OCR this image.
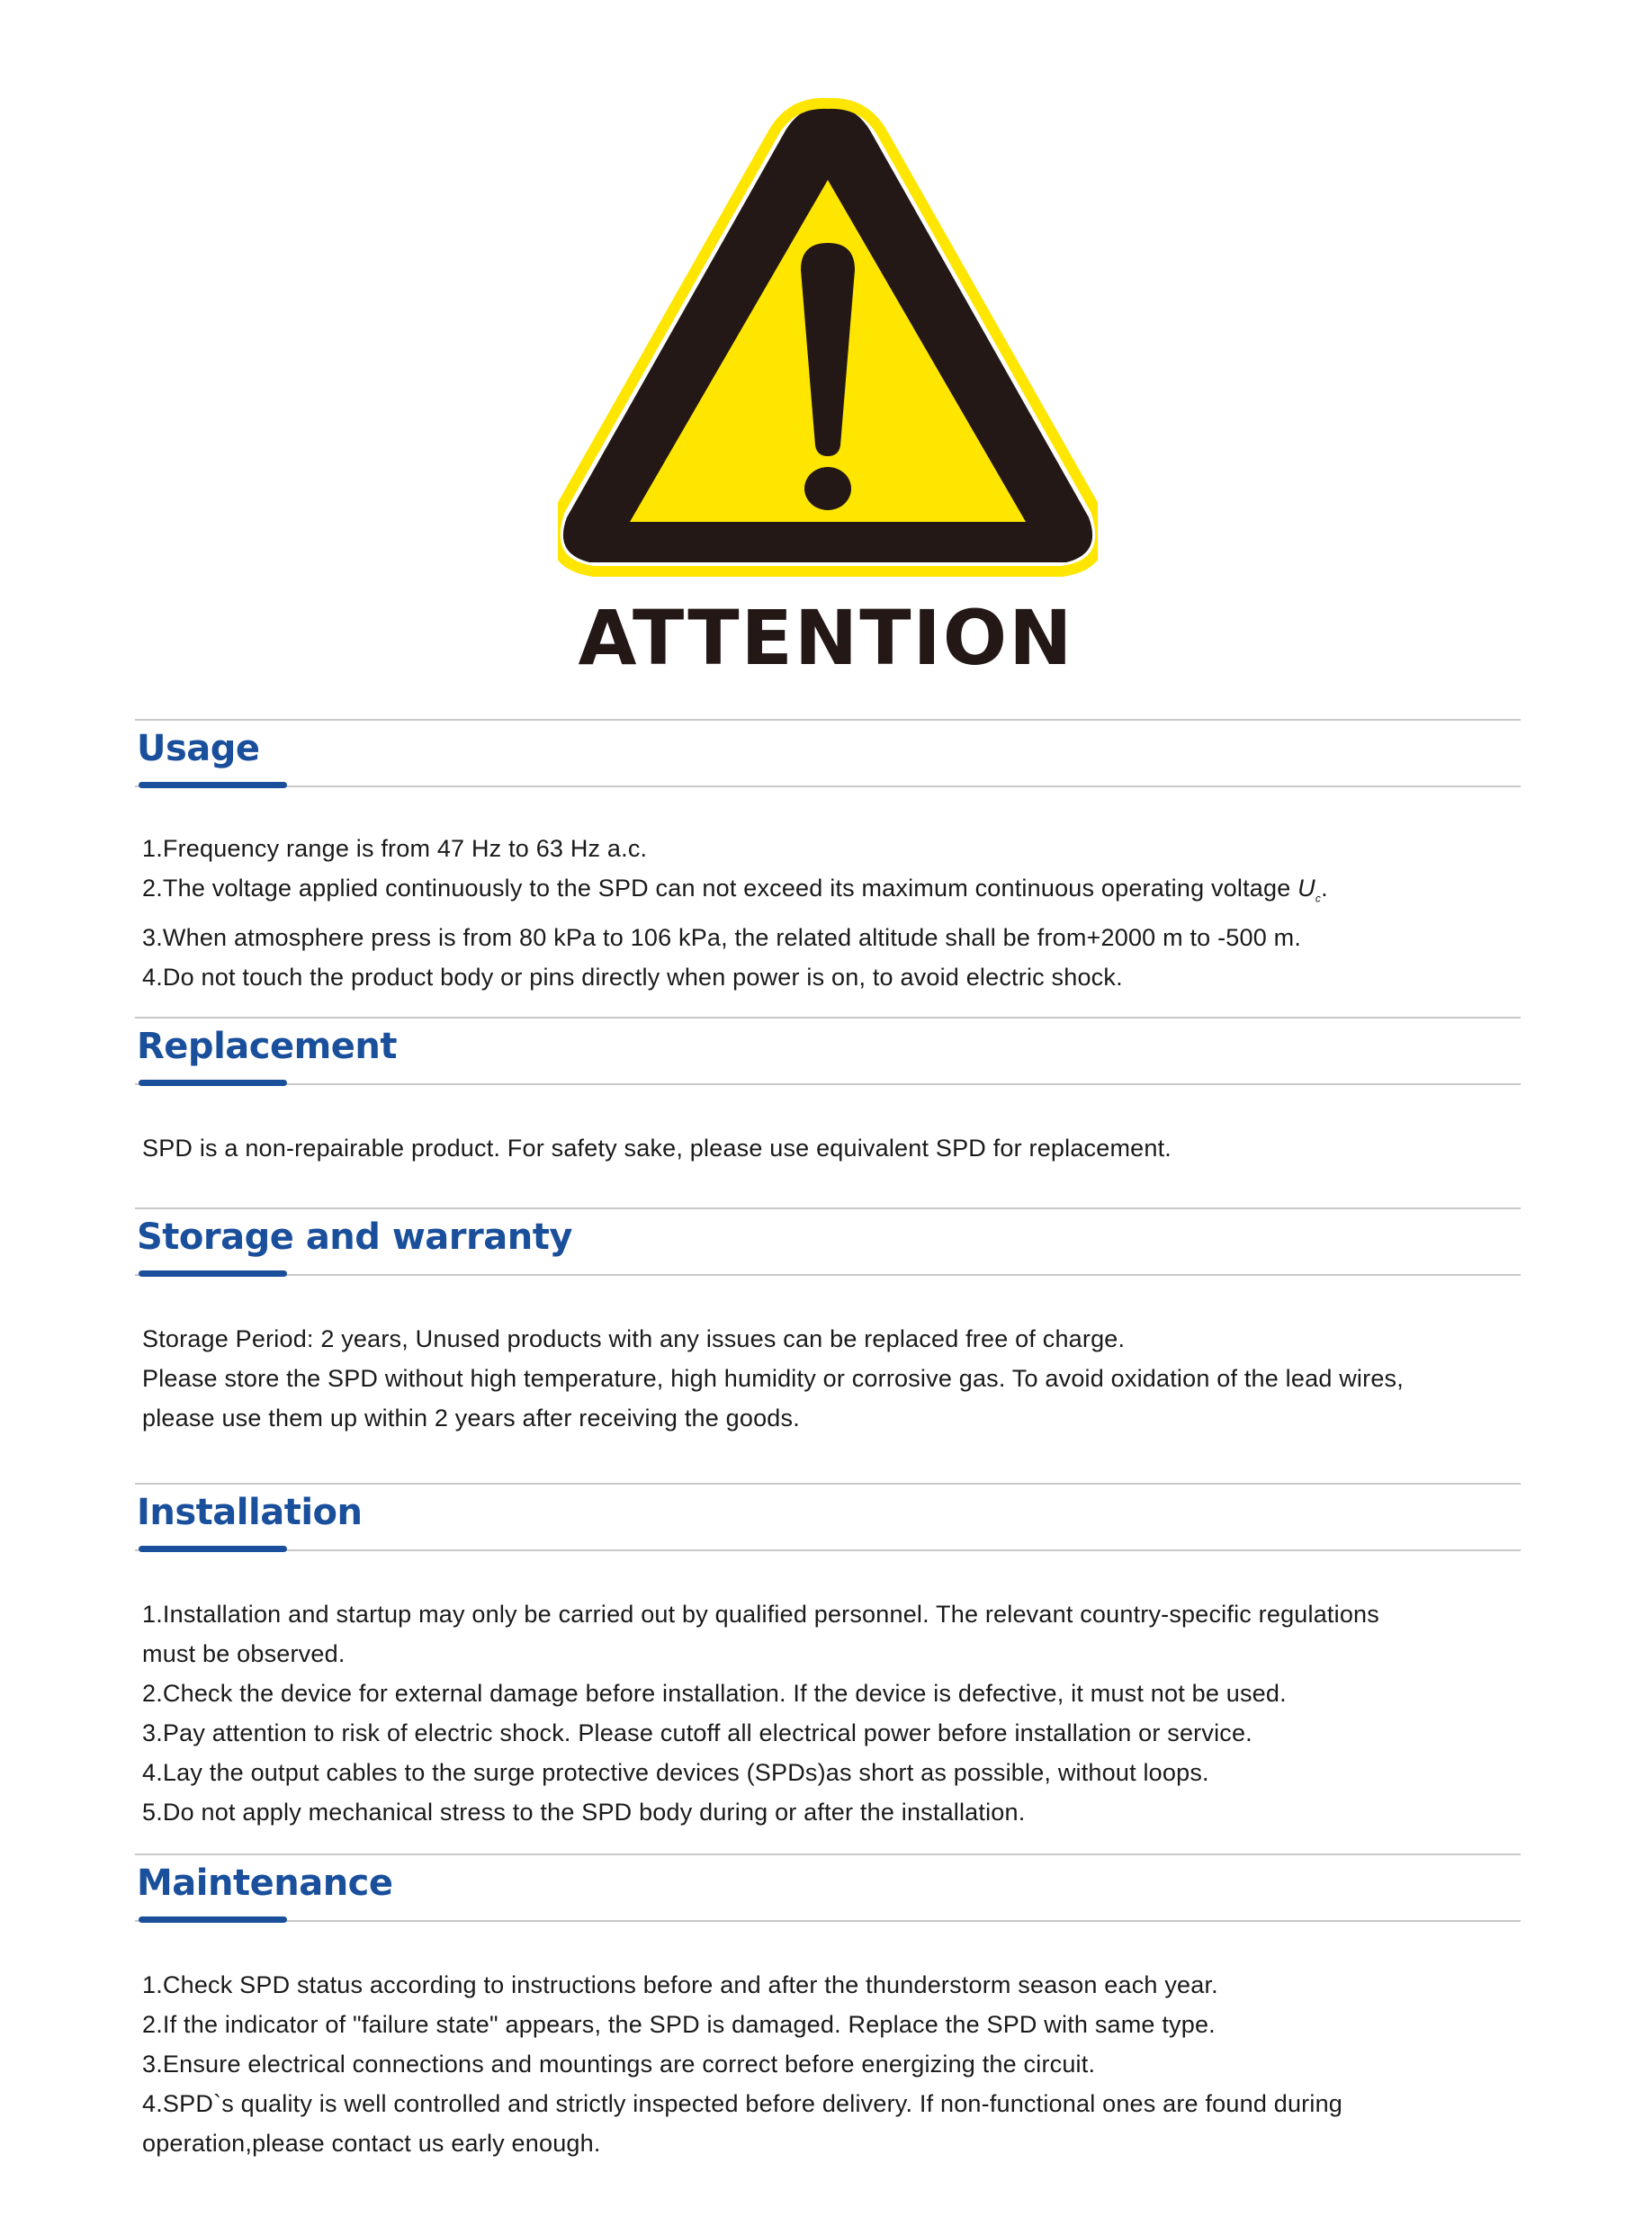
ATTENTION
Usage

1.Frequency range is from 47 Hz to 63 Hz a.c.

2.The voltage applied continuously to the SPD can not exceed its maximum continuous operating voltage $U_c$.

3.When atmosphere press is from 80 kPa to 106 kPa, the related altitude shall be from+2000 m to -500 m.

4.Do not touch the product body or pins directly when power is on, to avoid electric shock.

Replacement

SPD is a non-repairable product. For safety sake, please use equivalent SPD for replacement.

Storage and warranty

Storage Period: 2 years, Unused products with any issues can be replaced free of charge.

Please store the SPD without high temperature, high humidity or corrosive gas. To avoid oxidation of the lead wires,

please use them up within 2 years after receiving the goods.

Installation

1.Installation and startup may only be carried out by qualified personnel. The relevant country-specific regulations

must be observed.

2.Check the device for external damage before installation. If the device is defective, it must not be used.

3.Pay attention to risk of electric shock. Please cutoff all electrical power before installation or service.

4.Lay the output cables to the surge protective devices (SPDs)as short as possible, without loops.

5.Do not apply mechanical stress to the SPD body during or after the installation.

Maintenance

1.Check SPD status according to instructions before and after the thunderstorm season each year.

2.If the indicator of "failure state" appears, the SPD is damaged. Replace the SPD with same type.

3.Ensure electrical connections and mountings are correct before energizing the circuit.

4.SPD`s quality is well controlled and strictly inspected before delivery. If non-functional ones are found during

operation,please contact us early enough.
